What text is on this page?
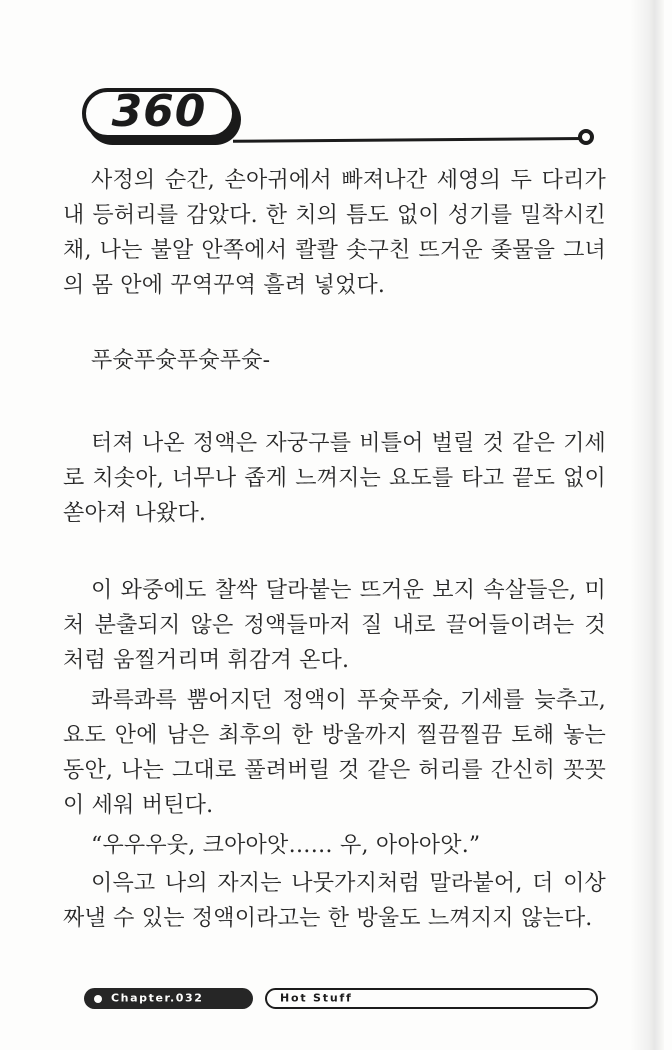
360

사정의 순간, 손아귀에서 빠져나간 세영의 두 다리가 내 등허리를 감았다. 한 치의 틈도 없이 성기를 밀착시킨 채, 나는 불알 안쪽에서 콸콸 솟구친 뜨거운 좆물을 그녀의 몸 안에 꾸역꾸역 흘려 넣었다.

푸슛푸슛푸슛푸슛-

터져 나온 정액은 자궁구를 비틀어 벌릴 것 같은 기세로 치솟아, 너무나 좁게 느껴지는 요도를 타고 끝도 없이 쏟아져 나왔다.

이 와중에도 찰싹 달라붙는 뜨거운 보지 속살들은, 미처 분출되지 않은 정액들마저 질 내로 끌어들이려는 것처럼 움찔거리며 휘감겨 온다.

콰륵콰륵 뿜어지던 정액이 푸슛푸슛, 기세를 늦추고, 요도 안에 남은 최후의 한 방울까지 찔끔찔끔 토해 놓는 동안, 나는 그대로 풀려버릴 것 같은 허리를 간신히 꼿꼿이 세워 버틴다.

“우우우웃, 크아아앗…… 우, 아아아앗.”

이윽고 나의 자지는 나뭇가지처럼 말라붙어, 더 이상 짜낼 수 있는 정액이라고는 한 방울도 느껴지지 않는다.

Chapter.032	Hot Stuff
